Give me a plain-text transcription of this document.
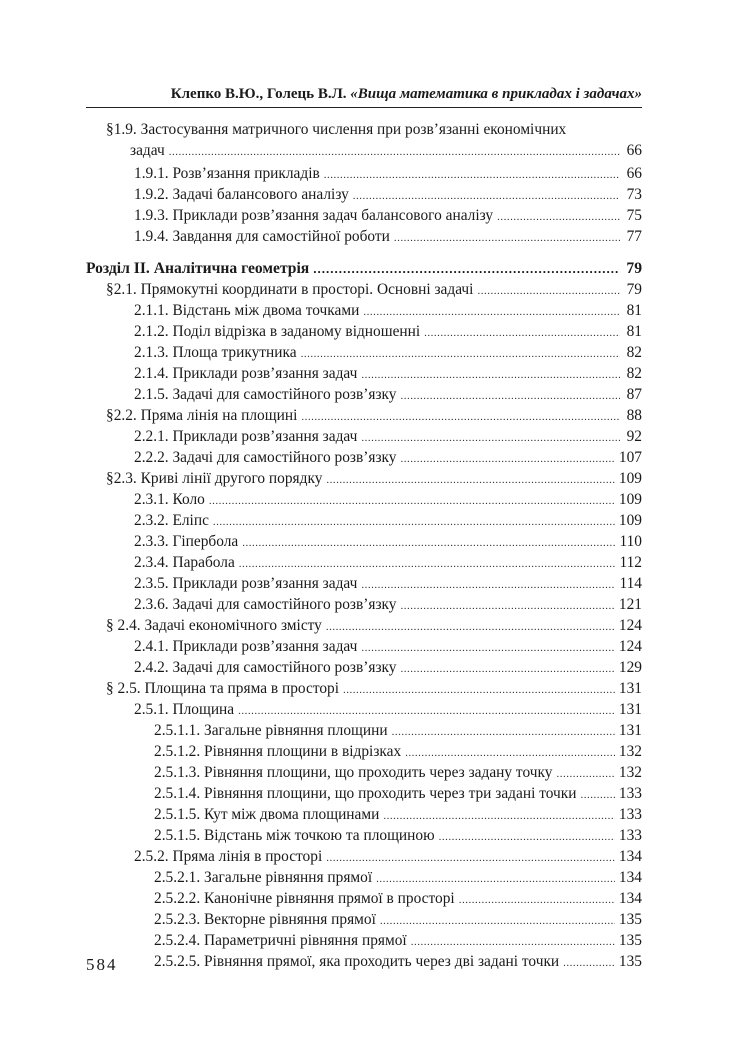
Клепко В.Ю., Голець В.Л. «Вища математика в прикладах і задачах»
§1.9. Застосування матричного числення при розв’язанні економічних
задач .....	66
1.9.1. Розв’язання прикладів .....	66
1.9.2. Задачі балансового аналізу .....	73
1.9.3. Приклади розв’язання задач балансового аналізу .....	75
1.9.4. Завдання для самостійної роботи .....	77
Розділ ІІ. Аналітична геометрія .....	79
§2.1. Прямокутні координати в просторі. Основні задачі .....	79
2.1.1. Відстань між двома точками .....	81
2.1.2. Поділ відрізка в заданому відношенні .....	81
2.1.3. Площа трикутника .....	82
2.1.4. Приклади розв’язання задач .....	82
2.1.5. Задачі для самостійного розв’язку .....	87
§2.2. Пряма лінія на площині .....	88
2.2.1. Приклади розв’язання задач .....	92
2.2.2. Задачі для самостійного розв’язку .....	107
§2.3. Криві лінії другого порядку .....	109
2.3.1. Коло .....	109
2.3.2. Еліпс .....	109
2.3.3. Гіпербола .....	110
2.3.4. Парабола .....	112
2.3.5. Приклади розв’язання задач .....	114
2.3.6. Задачі для самостійного розв’язку .....	121
§ 2.4. Задачі економічного змісту .....	124
2.4.1. Приклади розв’язання задач .....	124
2.4.2. Задачі для самостійного розв’язку .....	129
§ 2.5. Площина та пряма в просторі .....	131
2.5.1. Площина .....	131
2.5.1.1. Загальне рівняння площини .....	131
2.5.1.2. Рівняння площини в відрізках .....	132
2.5.1.3. Рівняння площини, що проходить через задану точку .....	132
2.5.1.4. Рівняння площини, що проходить через три задані точки .....	133
2.5.1.5. Кут між двома площинами .....	133
2.5.1.5. Відстань між точкою та площиною .....	133
2.5.2. Пряма лінія в просторі .....	134
2.5.2.1. Загальне рівняння прямої .....	134
2.5.2.2. Канонічне рівняння прямої в просторі .....	134
2.5.2.3. Векторне рівняння прямої .....	135
2.5.2.4. Параметричні рівняння прямої .....	135
2.5.2.5. Рівняння прямої, яка проходить через дві задані точки .....	135
584
